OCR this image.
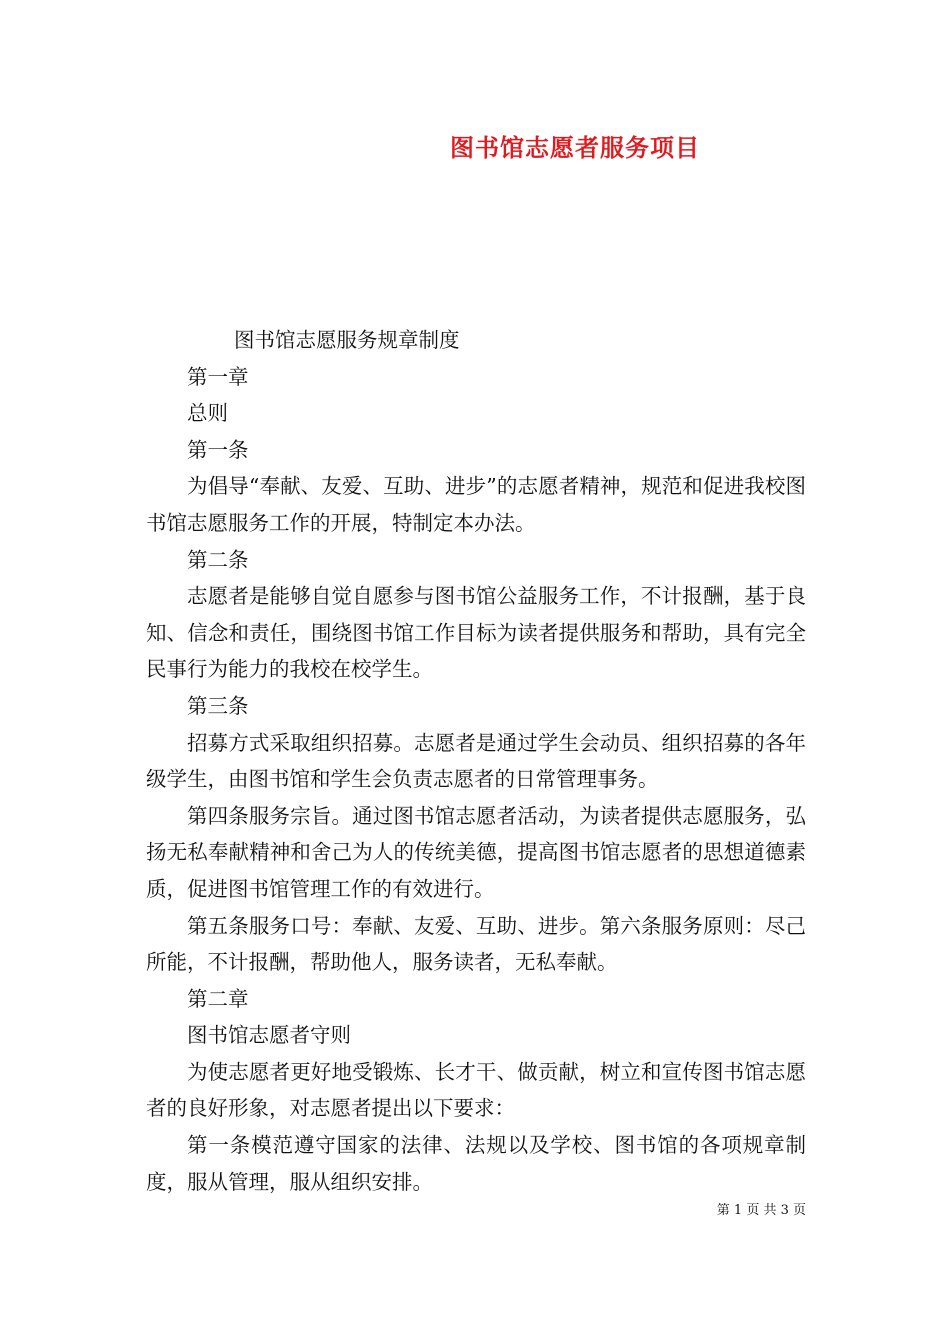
图书馆志愿者服务项目

图书馆志愿服务规章制度

第一章

总则

第一条

为倡导“奉献、友爱、互助、进步”的志愿者精神，规范和促进我校图书馆志愿服务工作的开展，特制定本办法。

第二条

志愿者是能够自觉自愿参与图书馆公益服务工作，不计报酬，基于良知、信念和责任，围绕图书馆工作目标为读者提供服务和帮助，具有完全民事行为能力的我校在校学生。

第三条

招募方式采取组织招募。志愿者是通过学生会动员、组织招募的各年级学生，由图书馆和学生会负责志愿者的日常管理事务。

第四条服务宗旨。通过图书馆志愿者活动，为读者提供志愿服务，弘扬无私奉献精神和舍己为人的传统美德，提高图书馆志愿者的思想道德素质，促进图书馆管理工作的有效进行。

第五条服务口号：奉献、友爱、互助、进步。第六条服务原则：尽己所能，不计报酬，帮助他人，服务读者，无私奉献。

第二章

图书馆志愿者守则

为使志愿者更好地受锻炼、长才干、做贡献，树立和宣传图书馆志愿者的良好形象，对志愿者提出以下要求：

第一条模范遵守国家的法律、法规以及学校、图书馆的各项规章制度，服从管理，服从组织安排。

第 1 页 共 3 页
